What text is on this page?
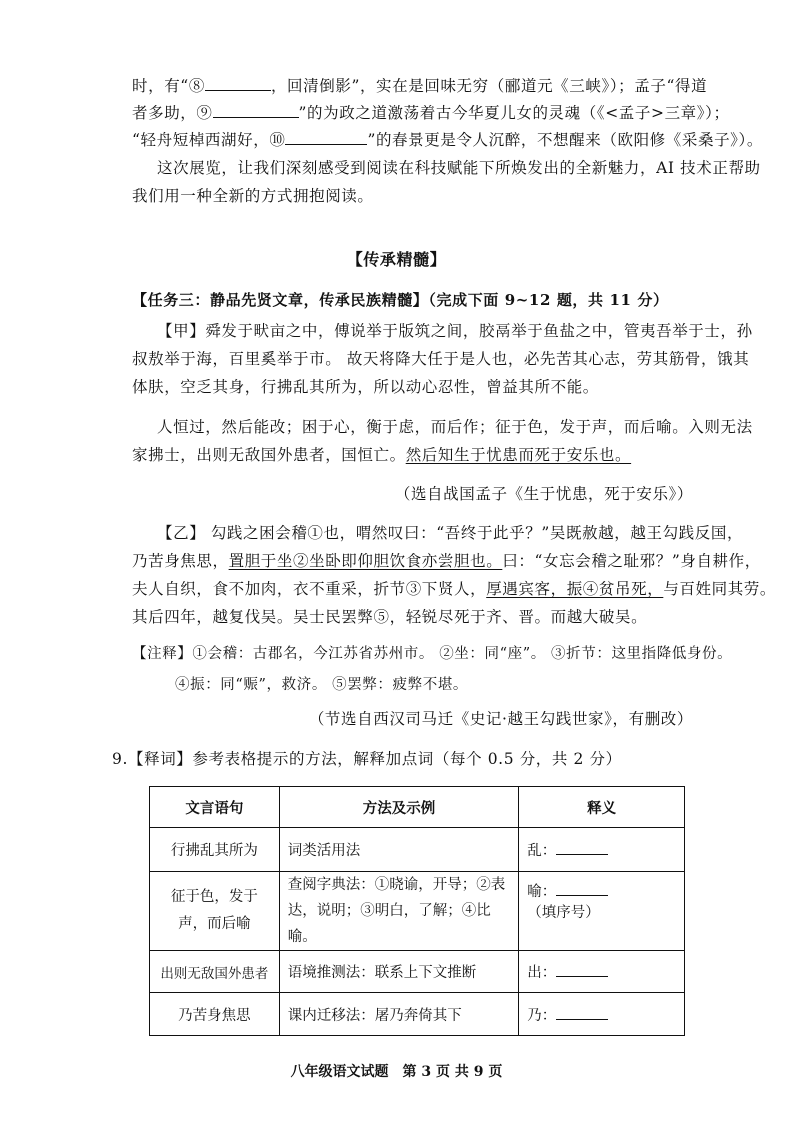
时，有“⑧	，回清倒影”，实在是回味无穷（郦道元《三峡》）；孟子“得道
者多助，⑨	”的为政之道激荡着古今华夏儿女的灵魂（《<孟子>三章》）；
“轻舟短棹西湖好，⑩	”的春景更是令人沉醉，不想醒来（欧阳修《采桑子》）。
这次展览，让我们深刻感受到阅读在科技赋能下所焕发出的全新魅力，AI 技术正帮助
我们用一种全新的方式拥抱阅读。
【传承精髓】
【任务三：静品先贤文章，传承民族精髓】（完成下面 9~12 题，共 11 分）
【甲】舜发于畎亩之中，傅说举于版筑之间，胶鬲举于鱼盐之中，管夷吾举于士，孙
叔敖举于海，百里奚举于市。 故天将降大任于是人也，必先苦其心志，劳其筋骨，饿其
体肤，空乏其身，行拂乱其所为，所以动心忍性，曾益其所不能。
人恒过，然后能改；困于心，衡于虑，而后作；征于色，发于声，而后喻。入则无法
家拂士，出则无敌国外患者，国恒亡。然后知生于忧患而死于安乐也。
（选自战国孟子《生于忧患，死于安乐》）
【乙】 勾践之困会稽①也，喟然叹曰：“吾终于此乎？”吴既赦越，越王勾践反国，
乃苦身焦思，置胆于坐②坐卧即仰胆饮食亦尝胆也。曰：“女忘会稽之耻邪？”身自耕作，
夫人自织，食不加肉，衣不重采，折节③下贤人，厚遇宾客，振④贫吊死，与百姓同其劳。
其后四年，越复伐吴。吴士民罢弊⑤，轻锐尽死于齐、晋。而越大破吴。
【注释】①会稽：古郡名，今江苏省苏州市。 ②坐：同“座”。 ③折节：这里指降低身份。
④振：同“赈”，救济。 ⑤罢弊：疲弊不堪。
（节选自西汉司马迁《史记·越王勾践世家》，有删改）
9.【释词】参考表格提示的方法，解释加点词（每个 0.5 分，共 2 分）
文言语句	方法及示例	释义
行拂乱其所为	词类活用法	乱：
征于色，发于声，而后喻	查阅字典法：①晓谕，开导；②表达，说明；③明白，了解；④比喻。	喻：（填序号）
出则无敌国外患者	语境推测法：联系上下文推断	出：
乃苦身焦思	课内迁移法：屠乃奔倚其下	乃：
八年级语文试题　第 3 页 共 9 页
